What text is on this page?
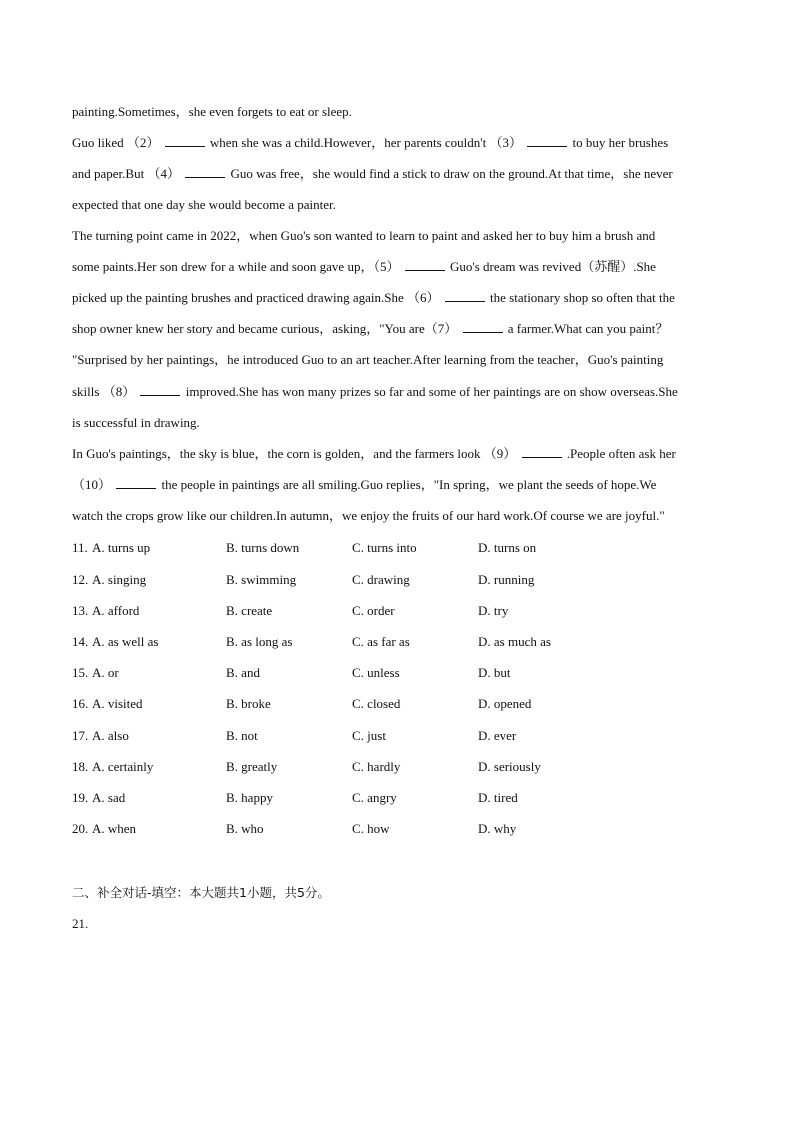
painting.Sometimes，she even forgets to eat or sleep.
Guo liked （2）	when she was a child.However，her parents couldn't （3）	to buy her brushes
and paper.But （4）	Guo was free，she would find a stick to draw on the ground.At that time，she never
expected that one day she would become a painter.
The turning point came in 2022，when Guo's son wanted to learn to paint and asked her to buy him a brush and
some paints.Her son drew for a while and soon gave up，（5）	Guo's dream was revived（苏醒）.She
picked up the painting brushes and practiced drawing again.She （6）	the stationary shop so often that the
shop owner knew her story and became curious，asking，"You are（7）	a farmer.What can you paint？
"Surprised by her paintings，he introduced Guo to an art teacher.After learning from the teacher，Guo's painting
skills （8）	improved.She has won many prizes so far and some of her paintings are on show overseas.She
is successful in drawing.
In Guo's paintings，the sky is blue，the corn is golden，and the farmers look （9）	.People often ask her
（10）	the people in paintings are all smiling.Guo replies，"In spring，we plant the seeds of hope.We
watch the crops grow like our children.In autumn，we enjoy the fruits of our hard work.Of course we are joyful."
11. A. turns up	B. turns down	C. turns into	D. turns on
12. A. singing	B. swimming	C. drawing	D. running
13. A. afford	B. create	C. order	D. try
14. A. as well as	B. as long as	C. as far as	D. as much as
15. A. or	B. and	C. unless	D. but
16. A. visited	B. broke	C. closed	D. opened
17. A. also	B. not	C. just	D. ever
18. A. certainly	B. greatly	C. hardly	D. seriously
19. A. sad	B. happy	C. angry	D. tired
20. A. when	B. who	C. how	D. why
二、补全对话-填空：本大题共1小题，共5分。
21.
